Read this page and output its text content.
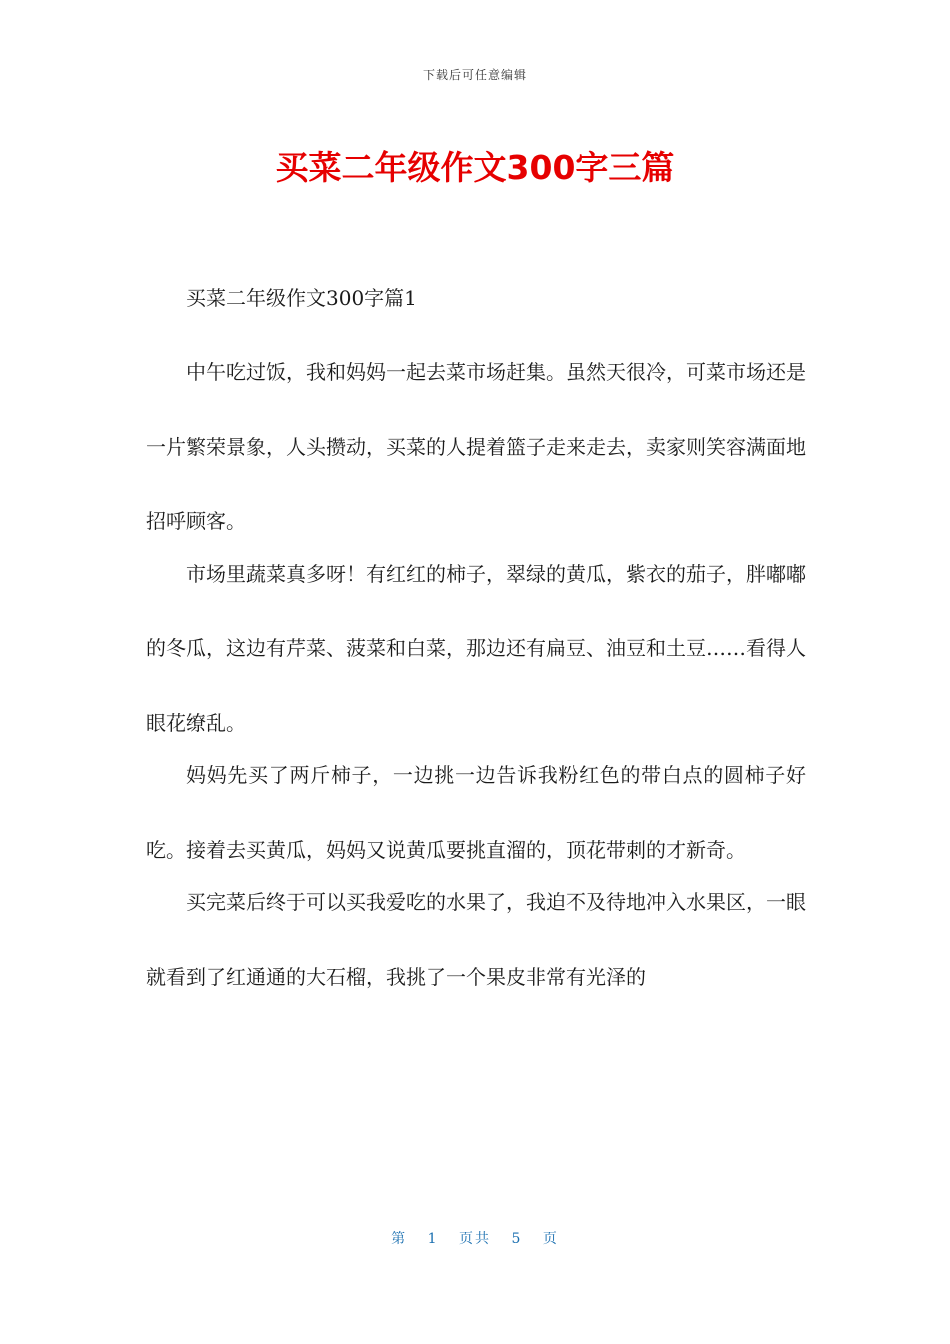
下载后可任意编辑
买菜二年级作文300字三篇

买菜二年级作文300字篇1

中午吃过饭，我和妈妈一起去菜市场赶集。虽然天很冷，可菜市场还是一片繁荣景象，人头攒动，买菜的人提着篮子走来走去，卖家则笑容满面地招呼顾客。

市场里蔬菜真多呀！有红红的柿子，翠绿的黄瓜，紫衣的茄子，胖嘟嘟的冬瓜，这边有芹菜、菠菜和白菜，那边还有扁豆、油豆和土豆……看得人眼花缭乱。

妈妈先买了两斤柿子，一边挑一边告诉我粉红色的带白点的圆柿子好吃。接着去买黄瓜，妈妈又说黄瓜要挑直溜的，顶花带刺的才新奇。

买完菜后终于可以买我爱吃的水果了，我迫不及待地冲入水果区，一眼就看到了红通通的大石榴，我挑了一个果皮非常有光泽的

第 1 页共 5 页
